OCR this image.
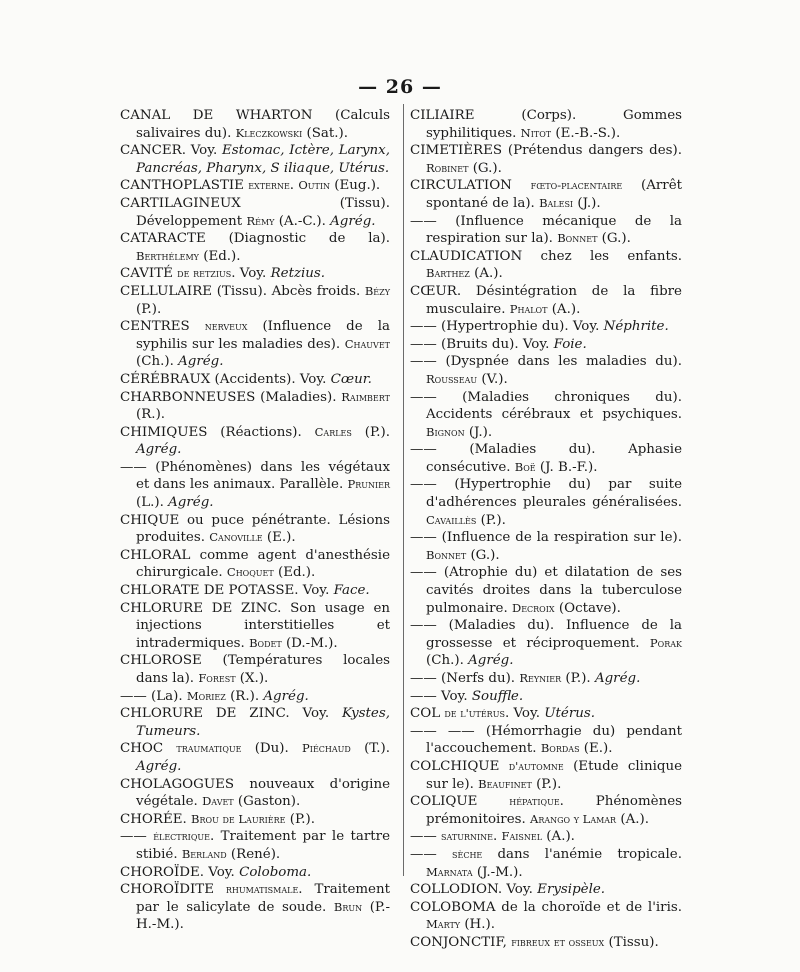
— 26 —

CANAL DE WHARTON (Calculs salivaires du). Kleczkowski (Sat.).

CANCER. Voy. Estomac, Ictère, Larynx, Pancréas, Pharynx, S iliaque, Utérus.

CANTHOPLASTIE externe. Outin (Eug.).

CARTILAGINEUX (Tissu). Développement Rémy (A.-C.). Agrég.

CATARACTE (Diagnostic de la). Berthélemy (Ed.).

CAVITÉ de retzius. Voy. Retzius.

CELLULAIRE (Tissu). Abcès froids. Bézy (P.).

CENTRES nerveux (Influence de la syphilis sur les maladies des). Chauvet (Ch.). Agrég.

CÉRÉBRAUX (Accidents). Voy. Cœur.

CHARBONNEUSES (Maladies). Raimbert (R.).

CHIMIQUES (Réactions). Carles (P.). Agrég.

—— (Phénomènes) dans les végétaux et dans les animaux. Parallèle. Prunier (L.). Agrég.

CHIQUE ou puce pénétrante. Lésions produites. Canoville (E.).

CHLORAL comme agent d'anesthésie chirurgicale. Choquet (Ed.).

CHLORATE DE POTASSE. Voy. Face.

CHLORURE DE ZINC. Son usage en injections interstitielles et intradermiques. Bodet (D.-M.).

CHLOROSE (Températures locales dans la). Forest (X.).

—— (La). Moriez (R.). Agrég.

CHLORURE DE ZINC. Voy. Kystes, Tumeurs.

CHOC traumatique (Du). Piéchaud (T.). Agrég.

CHOLAGOGUES nouveaux d'origine végétale. Davet (Gaston).

CHORÉE. Brou de Laurière (P.).

—— électrique. Traitement par le tartre stibié. Berland (René).

CHOROÏDE. Voy. Coloboma.

CHOROÏDITE rhumatismale. Traitement par le salicylate de soude. Brun (P.-H.-M.).

CILIAIRE (Corps). Gommes syphilitiques. Nitot (E.-B.-S.).

CIMETIÈRES (Prétendus dangers des). Robinet (G.).

CIRCULATION fœto-placentaire (Arrêt spontané de la). Balesi (J.).

—— (Influence mécanique de la respiration sur la). Bonnet (G.).

CLAUDICATION chez les enfants. Barthez (A.).

CŒUR. Désintégration de la fibre musculaire. Phalot (A.).

—— (Hypertrophie du). Voy. Néphrite.

—— (Bruits du). Voy. Foie.

—— (Dyspnée dans les maladies du). Rousseau (V.).

—— (Maladies chroniques du). Accidents cérébraux et psychiques. Bignon (J.).

—— (Maladies du). Aphasie consécutive. Boë (J. B.-F.).

—— (Hypertrophie du) par suite d'adhérences pleurales généralisées. Cavaillès (P.).

—— (Influence de la respiration sur le). Bonnet (G.).

—— (Atrophie du) et dilatation de ses cavités droites dans la tuberculose pulmonaire. Decroix (Octave).

—— (Maladies du). Influence de la grossesse et réciproquement. Porak (Ch.). Agrég.

—— (Nerfs du). Reynier (P.). Agrég.

—— Voy. Souffle.

COL de l'utérus. Voy. Utérus.

—— —— (Hémorrhagie du) pendant l'accouchement. Bordas (E.).

COLCHIQUE d'automne (Etude clinique sur le). Beaufinet (P.).

COLIQUE hépatique. Phénomènes prémonitoires. Arango y Lamar (A.).

—— saturnine. Faisnel (A.).

—— sèche dans l'anémie tropicale. Marnata (J.-M.).

COLLODION. Voy. Erysipèle.

COLOBOMA de la choroïde et de l'iris. Marty (H.).

CONJONCTIF, fibreux et osseux (Tissu).
